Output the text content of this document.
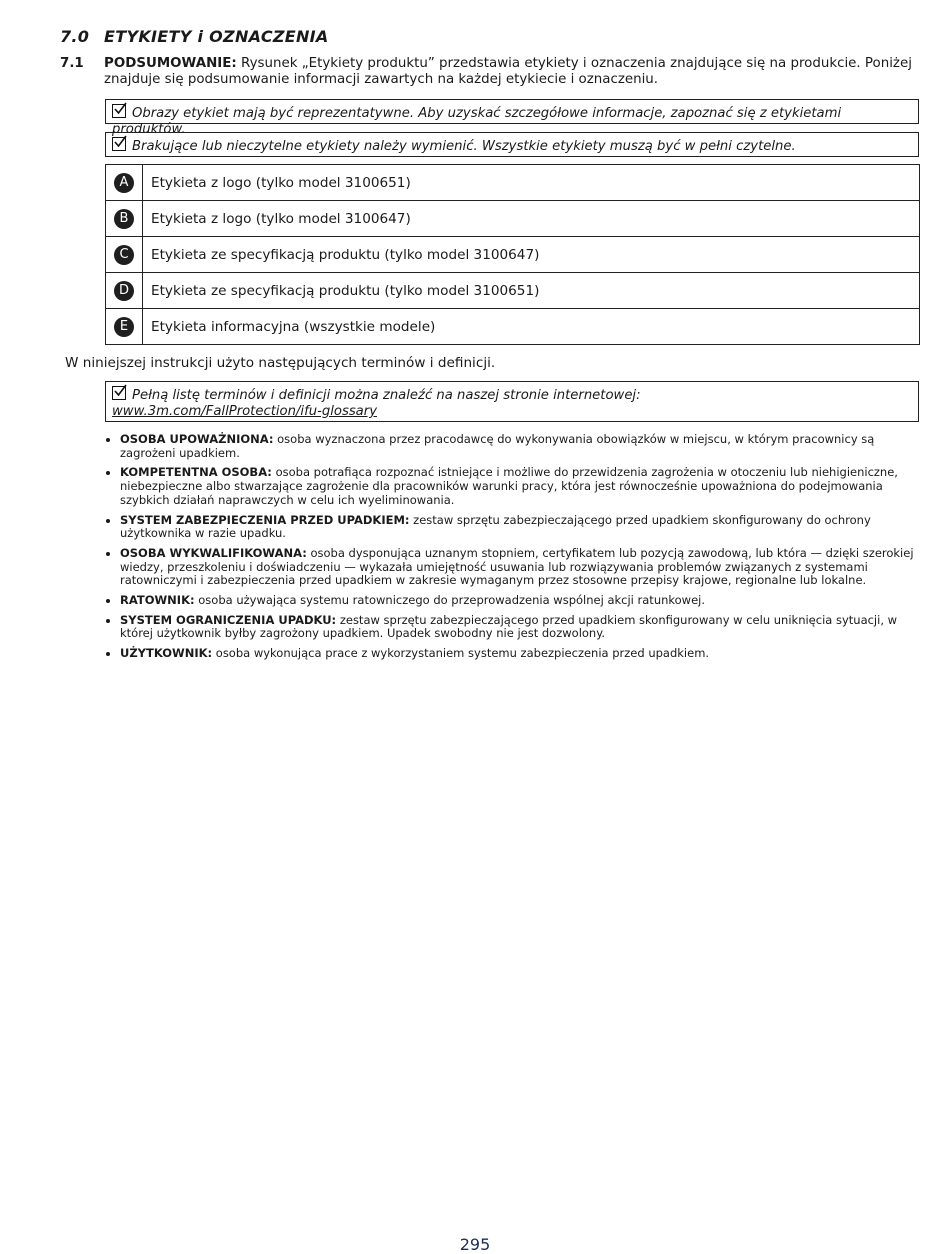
7.0 ETYKIETY i OZNACZENIA
7.1 PODSUMOWANIE: Rysunek „Etykiety produktu” przedstawia etykiety i oznaczenia znajdujące się na produkcie. Poniżej znajduje się podsumowanie informacji zawartych na każdej etykiecie i oznaczeniu.
Obrazy etykiet mają być reprezentatywne. Aby uzyskać szczegółowe informacje, zapoznać się z etykietami produktów.
Brakujące lub nieczytelne etykiety należy wymienić. Wszystkie etykiety muszą być w pełni czytelne.
A	Etykieta z logo (tylko model 3100651)
B	Etykieta z logo (tylko model 3100647)
C	Etykieta ze specyfikacją produktu (tylko model 3100647)
D	Etykieta ze specyfikacją produktu (tylko model 3100651)
E	Etykieta informacyjna (wszystkie modele)
W niniejszej instrukcji użyto następujących terminów i definicji.
Pełną listę terminów i definicji można znaleźć na naszej stronie internetowej:
www.3m.com/FallProtection/ifu-glossary
• OSOBA UPOWAŻNIONA: osoba wyznaczona przez pracodawcę do wykonywania obowiązków w miejscu, w którym pracownicy są zagrożeni upadkiem.
• KOMPETENTNA OSOBA: osoba potrafiąca rozpoznać istniejące i możliwe do przewidzenia zagrożenia w otoczeniu lub niehigieniczne, niebezpieczne albo stwarzające zagrożenie dla pracowników warunki pracy, która jest równocześnie upoważniona do podejmowania szybkich działań naprawczych w celu ich wyeliminowania.
• SYSTEM ZABEZPIECZENIA PRZED UPADKIEM: zestaw sprzętu zabezpieczającego przed upadkiem skonfigurowany do ochrony użytkownika w razie upadku.
• OSOBA WYKWALIFIKOWANA: osoba dysponująca uznanym stopniem, certyfikatem lub pozycją zawodową, lub która — dzięki szerokiej wiedzy, przeszkoleniu i doświadczeniu — wykazała umiejętność usuwania lub rozwiązywania problemów związanych z systemami ratowniczymi i zabezpieczenia przed upadkiem w zakresie wymaganym przez stosowne przepisy krajowe, regionalne lub lokalne.
• RATOWNIK: osoba używająca systemu ratowniczego do przeprowadzenia wspólnej akcji ratunkowej.
• SYSTEM OGRANICZENIA UPADKU: zestaw sprzętu zabezpieczającego przed upadkiem skonfigurowany w celu uniknięcia sytuacji, w której użytkownik byłby zagrożony upadkiem. Upadek swobodny nie jest dozwolony.
• UŻYTKOWNIK: osoba wykonująca prace z wykorzystaniem systemu zabezpieczenia przed upadkiem.
295
